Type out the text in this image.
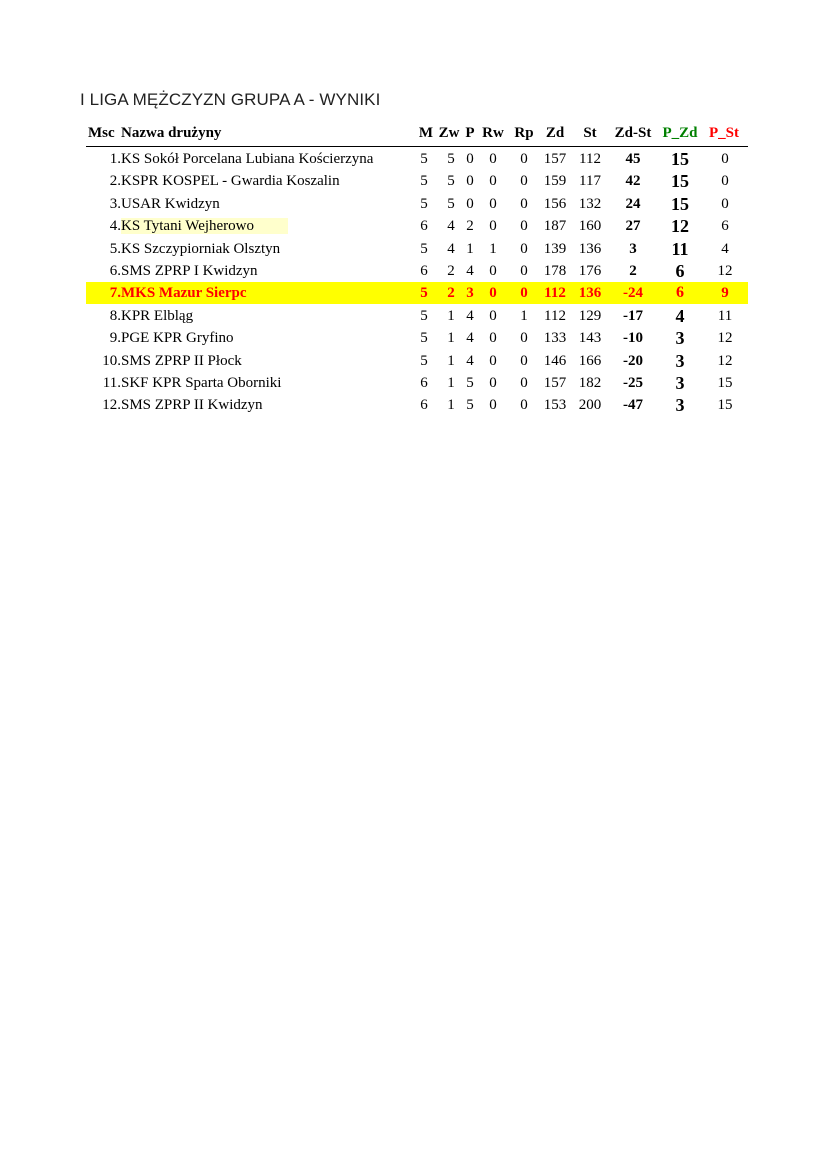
I LIGA MĘŻCZYZN GRUPA A - WYNIKI
Msc Nazwa drużyny	M Zw P Rw Rp Zd	St	Zd-St P_Zd P_St
1.KS Sokół Porcelana Lubiana Kościerzyna	5 5 0	0	0	157 112	45	15	0
2.KSPR KOSPEL - Gwardia Koszalin	5 5 0	0	0	159 117	42	15	0
3.USAR Kwidzyn	5 5 0	0	0	156 132	24	15	0
4.KS Tytani Wejherowo	6 4 2	0	0	187 160	27	12	6
5.KS Szczypiorniak Olsztyn	5 4 1	1	0	139 136	3	11	4
6.SMS ZPRP I Kwidzyn	6 2 4	0	0	178 176	2	6	12
7.MKS Mazur Sierpc	5 2 3	0	0	112 136	-24	6	9
8.KPR Elbląg	5 1 4	0	1	112 129	-17	4	11
9.PGE KPR Gryfino	5 1 4	0	0	133 143	-10	3	12
10.SMS ZPRP II Płock	5 1 4	0	0	146 166	-20	3	12
11.SKF KPR Sparta Oborniki	6 1 5	0	0	157 182	-25	3	15
12.SMS ZPRP II Kwidzyn	6 1 5	0	0	153 200	-47	3	15
